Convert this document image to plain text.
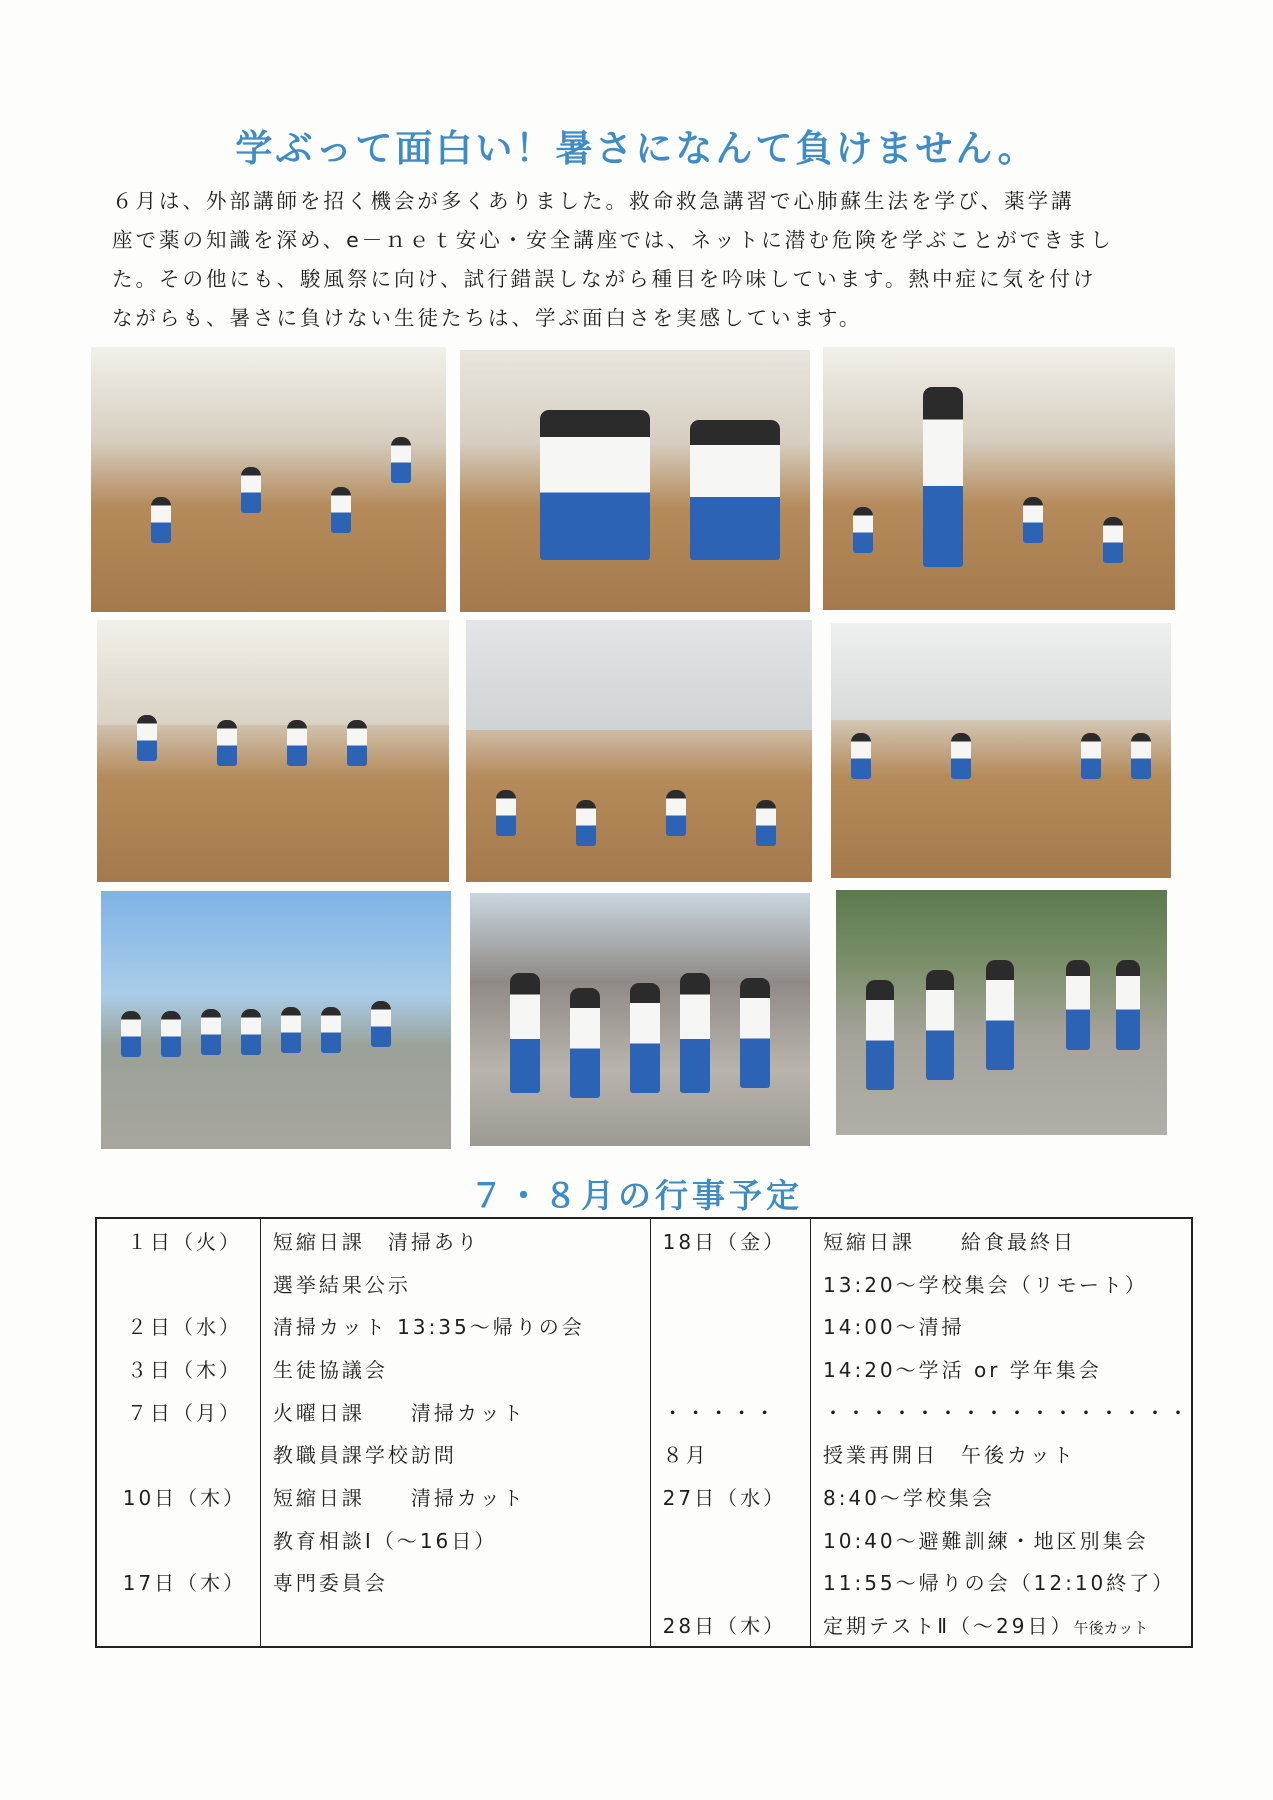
学ぶって面白い！暑さになんて負けません。

６月は、外部講師を招く機会が多くありました。救命救急講習で心肺蘇生法を学び、薬学講

座で薬の知識を深め、e－ｎｅｔ安心・安全講座では、ネットに潜む危険を学ぶことができまし

た。その他にも、駿風祭に向け、試行錯誤しながら種目を吟味しています。熱中症に気を付け

ながらも、暑さに負けない生徒たちは、学ぶ面白さを実感しています。

７・８月の行事予定
１日（火）	短縮日課　清掃あり	18日（金）	短縮日課　　給食最終日
	選挙結果公示		13:20～学校集会（リモート）
２日（水）	清掃カット 13:35～帰りの会		14:00～清掃
３日（木）	生徒協議会		14:20～学活 or 学年集会
７日（月）	火曜日課　　清掃カット	・・・・・	・・・・・・・・・・・・・・・・
	教職員課学校訪問	８月	授業再開日　午後カット
10日（木）	短縮日課　　清掃カット	27日（水）	8:40～学校集会
	教育相談Ⅰ（～16日）		10:40～避難訓練・地区別集会
17日（木）	専門委員会		11:55～帰りの会（12:10終了）
		28日（木）	定期テストⅡ（～29日）午後カット
